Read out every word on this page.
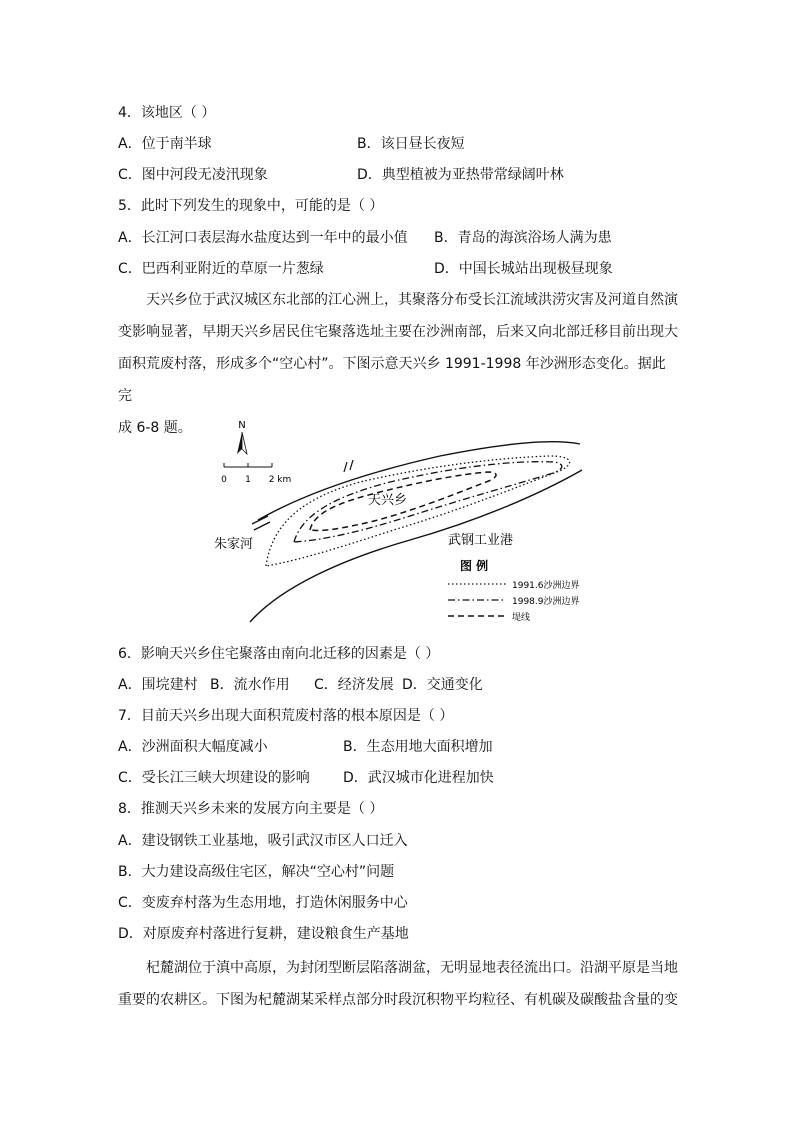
4．该地区（ ）
A．位于南半球	B．该日昼长夜短
C．图中河段无凌汛现象	D．典型植被为亚热带常绿阔叶林
5．此时下列发生的现象中，可能的是（ ）
A．长江河口表层海水盐度达到一年中的最小值 B．青岛的海滨浴场人满为患
C．巴西利亚附近的草原一片葱绿	D．中国长城站出现极昼现象

天兴乡位于武汉城区东北部的江心洲上，其聚落分布受长江流域洪涝灾害及河道自然演

变影响显著，早期天兴乡居民住宅聚落选址主要在沙洲南部，后来又向北部迁移目前出现大
面积荒废村落，形成多个“空心村”。下图示意天兴乡 1991-1998 年沙洲形态变化。据此完
成 6-8 题。	N
0 1 2 km
天兴乡
朱家河	武钢工业港
图 例
1991.6沙洲边界
1998.9沙洲边界
堤线
6．影响天兴乡住宅聚落由南向北迁移的因素是（ ）
A．围垸建村 B．流水作用 C．经济发展 D．交通变化
7．目前天兴乡出现大面积荒废村落的根本原因是（ ）
A．沙洲面积大幅度减小	B．生态用地大面积增加
C．受长江三峡大坝建设的影响 D．武汉城市化进程加快
8．推测天兴乡未来的发展方向主要是（ ）
A．建设钢铁工业基地，吸引武汉市区人口迁入
B．大力建设高级住宅区，解决“空心村”问题
C．变废弃村落为生态用地，打造休闲服务中心
D．对原废弃村落进行复耕，建设粮食生产基地

杞麓湖位于滇中高原，为封闭型断层陷落湖盆，无明显地表径流出口。沿湖平原是当地

重要的农耕区。下图为杞麓湖某采样点部分时段沉积物平均粒径、有机碳及碳酸盐含量的变
